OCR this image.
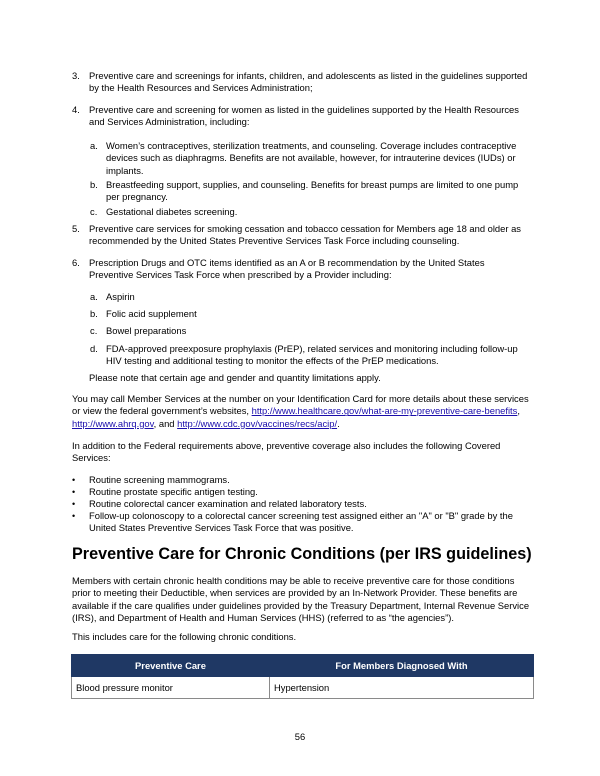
3. Preventive care and screenings for infants, children, and adolescents as listed in the guidelines supported by the Health Resources and Services Administration;
4. Preventive care and screening for women as listed in the guidelines supported by the Health Resources and Services Administration, including:
a. Women’s contraceptives, sterilization treatments, and counseling. Coverage includes contraceptive devices such as diaphragms. Benefits are not available, however, for intrauterine devices (IUDs) or implants.
b. Breastfeeding support, supplies, and counseling. Benefits for breast pumps are limited to one pump per pregnancy.
c. Gestational diabetes screening.
5. Preventive care services for smoking cessation and tobacco cessation for Members age 18 and older as recommended by the United States Preventive Services Task Force including counseling.
6. Prescription Drugs and OTC items identified as an A or B recommendation by the United States Preventive Services Task Force when prescribed by a Provider including:
a. Aspirin
b. Folic acid supplement
c. Bowel preparations
d. FDA-approved preexposure prophylaxis (PrEP), related services and monitoring including follow-up HIV testing and additional testing to monitor the effects of the PrEP medications.
Please note that certain age and gender and quantity limitations apply.
You may call Member Services at the number on your Identification Card for more details about these services or view the federal government’s websites, http://www.healthcare.gov/what-are-my-preventive-care-benefits, http://www.ahrq.gov, and http://www.cdc.gov/vaccines/recs/acip/.
In addition to the Federal requirements above, preventive coverage also includes the following Covered Services:
•	Routine screening mammograms.
•	Routine prostate specific antigen testing.
•	Routine colorectal cancer examination and related laboratory tests.
•	Follow-up colonoscopy to a colorectal cancer screening test assigned either an "A" or "B" grade by the United States Preventive Services Task Force that was positive.
Preventive Care for Chronic Conditions (per IRS guidelines)
Members with certain chronic health conditions may be able to receive preventive care for those conditions prior to meeting their Deductible, when services are provided by an In-Network Provider. These benefits are available if the care qualifies under guidelines provided by the Treasury Department, Internal Revenue Service (IRS), and Department of Health and Human Services (HHS) (referred to as “the agencies”).
This includes care for the following chronic conditions.
Preventive Care	For Members Diagnosed With
Blood pressure monitor	Hypertension
56
